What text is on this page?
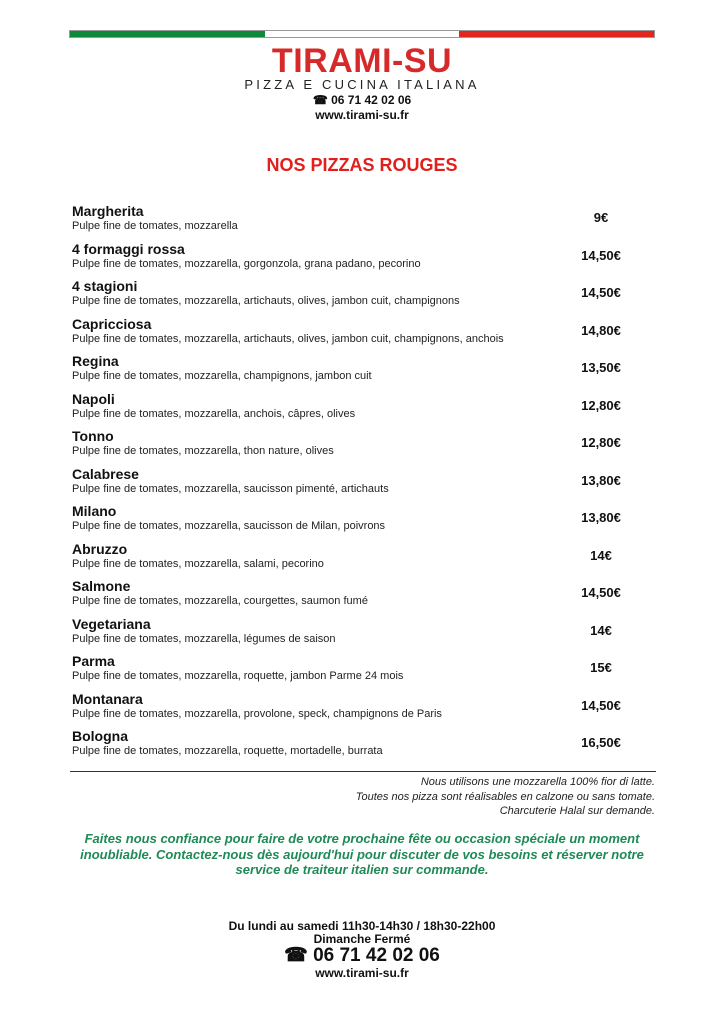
TIRAMI-SU
PIZZA E CUCINA ITALIANA
☎ 06 71 42 02 06
www.tirami-su.fr
NOS PIZZAS ROUGES
Margherita
Pulpe fine de tomates, mozzarella
9€
4 formaggi rossa
Pulpe fine de tomates, mozzarella, gorgonzola, grana padano, pecorino
14,50€
4 stagioni
Pulpe fine de tomates, mozzarella, artichauts, olives, jambon cuit, champignons
14,50€
Capricciosa
Pulpe fine de tomates, mozzarella, artichauts, olives, jambon cuit, champignons, anchois
14,80€
Regina
Pulpe fine de tomates, mozzarella, champignons, jambon cuit
13,50€
Napoli
Pulpe fine de tomates, mozzarella, anchois, câpres, olives
12,80€
Tonno
Pulpe fine de tomates, mozzarella, thon nature, olives
12,80€
Calabrese
Pulpe fine de tomates, mozzarella, saucisson pimenté, artichauts
13,80€
Milano
Pulpe fine de tomates, mozzarella, saucisson de Milan, poivrons
13,80€
Abruzzo
Pulpe fine de tomates, mozzarella, salami, pecorino
14€
Salmone
Pulpe fine de tomates, mozzarella, courgettes, saumon fumé
14,50€
Vegetariana
Pulpe fine de tomates, mozzarella, légumes de saison
14€
Parma
Pulpe fine de tomates, mozzarella, roquette, jambon Parme 24 mois
15€
Montanara
Pulpe fine de tomates, mozzarella, provolone, speck, champignons de Paris
14,50€
Bologna
Pulpe fine de tomates, mozzarella, roquette, mortadelle, burrata
16,50€
Nous utilisons une mozzarella 100% fior di latte.
Toutes nos pizza sont réalisables en calzone ou sans tomate.
Charcuterie Halal sur demande.
Faites nous confiance pour faire de votre prochaine fête ou occasion spéciale un moment inoubliable. Contactez-nous dès aujourd'hui pour discuter de vos besoins et réserver notre service de traiteur italien sur commande.
Du lundi au samedi 11h30-14h30 / 18h30-22h00
Dimanche Fermé
☎ 06 71 42 02 06
www.tirami-su.fr
